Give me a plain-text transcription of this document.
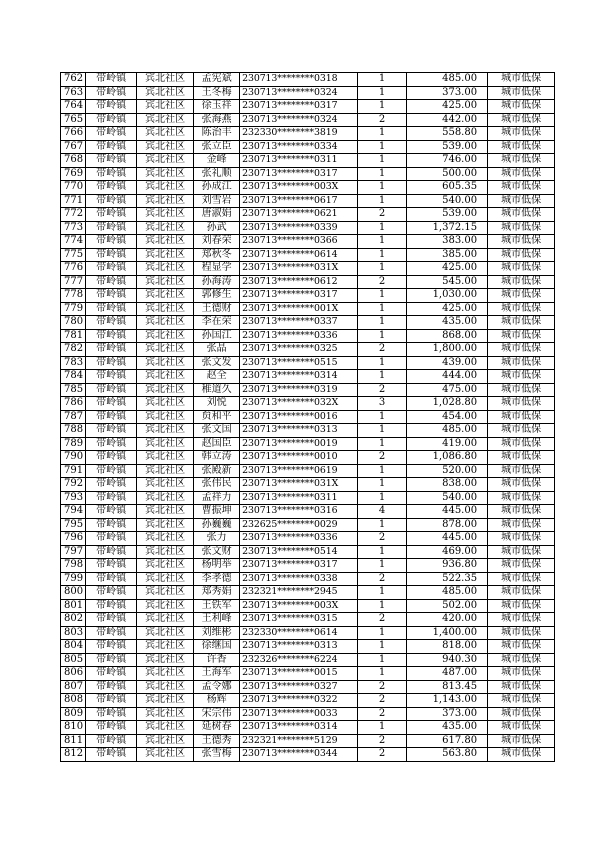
762	带岭镇	宾北社区	孟宪斌	230713********0318	1	485.00	城市低保
763	带岭镇	宾北社区	王冬梅	230713********0324	1	373.00	城市低保
764	带岭镇	宾北社区	徐玉祥	230713********0317	1	425.00	城市低保
765	带岭镇	宾北社区	张海燕	230713********0324	2	442.00	城市低保
766	带岭镇	宾北社区	陈治丰	232330********3819	1	558.80	城市低保
767	带岭镇	宾北社区	张立臣	230713********0334	1	539.00	城市低保
768	带岭镇	宾北社区	金峰	230713********0311	1	746.00	城市低保
769	带岭镇	宾北社区	张礼顺	230713********0317	1	500.00	城市低保
770	带岭镇	宾北社区	孙成江	230713********003X	1	605.35	城市低保
771	带岭镇	宾北社区	刘雪岩	230713********0617	1	540.00	城市低保
772	带岭镇	宾北社区	唐淑娟	230713********0621	2	539.00	城市低保
773	带岭镇	宾北社区	孙武	230713********0339	1	1,372.15	城市低保
774	带岭镇	宾北社区	刘春荣	230713********0366	1	383.00	城市低保
775	带岭镇	宾北社区	郑秋冬	230713********0614	1	385.00	城市低保
776	带岭镇	宾北社区	程显学	230713********031X	1	425.00	城市低保
777	带岭镇	宾北社区	孙海涛	230713********0612	2	545.00	城市低保
778	带岭镇	宾北社区	郭修生	230713********0317	1	1,030.00	城市低保
779	带岭镇	宾北社区	王德财	230713********001X	1	425.00	城市低保
780	带岭镇	宾北社区	李在荣	230713********0337	1	435.00	城市低保
781	带岭镇	宾北社区	孙国江	230713********0336	1	868.00	城市低保
782	带岭镇	宾北社区	张晶	230713********0325	2	1,800.00	城市低保
783	带岭镇	宾北社区	张文发	230713********0515	1	439.00	城市低保
784	带岭镇	宾北社区	赵全	230713********0314	1	444.00	城市低保
785	带岭镇	宾北社区	稚道久	230713********0319	2	475.00	城市低保
786	带岭镇	宾北社区	刘悦	230713********032X	3	1,028.80	城市低保
787	带岭镇	宾北社区	贠和平	230713********0016	1	454.00	城市低保
788	带岭镇	宾北社区	张文国	230713********0313	1	485.00	城市低保
789	带岭镇	宾北社区	赵国臣	230713********0019	1	419.00	城市低保
790	带岭镇	宾北社区	韩立涛	230713********0010	2	1,086.80	城市低保
791	带岭镇	宾北社区	张殿新	230713********0619	1	520.00	城市低保
792	带岭镇	宾北社区	张伟民	230713********031X	1	838.00	城市低保
793	带岭镇	宾北社区	孟祥力	230713********0311	1	540.00	城市低保
794	带岭镇	宾北社区	曹振坤	230713********0316	4	445.00	城市低保
795	带岭镇	宾北社区	孙巍巍	232625********0029	1	878.00	城市低保
796	带岭镇	宾北社区	张力	230713********0336	2	445.00	城市低保
797	带岭镇	宾北社区	张文财	230713********0514	1	469.00	城市低保
798	带岭镇	宾北社区	杨明举	230713********0317	1	936.80	城市低保
799	带岭镇	宾北社区	李孝德	230713********0338	2	522.35	城市低保
800	带岭镇	宾北社区	郑秀娟	232321********2945	1	485.00	城市低保
801	带岭镇	宾北社区	王铁军	230713********003X	1	502.00	城市低保
802	带岭镇	宾北社区	王利峰	230713********0315	2	420.00	城市低保
803	带岭镇	宾北社区	刘维彬	232330********0614	1	1,400.00	城市低保
804	带岭镇	宾北社区	徐继国	230713********0313	1	818.00	城市低保
805	带岭镇	宾北社区	许香	232326********6224	1	940.30	城市低保
806	带岭镇	宾北社区	王海军	230713********0015	1	487.00	城市低保
807	带岭镇	宾北社区	孟令娜	230713********0327	2	813.45	城市低保
808	带岭镇	宾北社区	杨辉	230713********0322	2	1,143.00	城市低保
809	带岭镇	宾北社区	宋宗伟	230713********0033	2	373.00	城市低保
810	带岭镇	宾北社区	延树春	230713********0314	1	435.00	城市低保
811	带岭镇	宾北社区	王德秀	232321********5129	2	617.80	城市低保
812	带岭镇	宾北社区	张雪梅	230713********0344	2	563.80	城市低保
